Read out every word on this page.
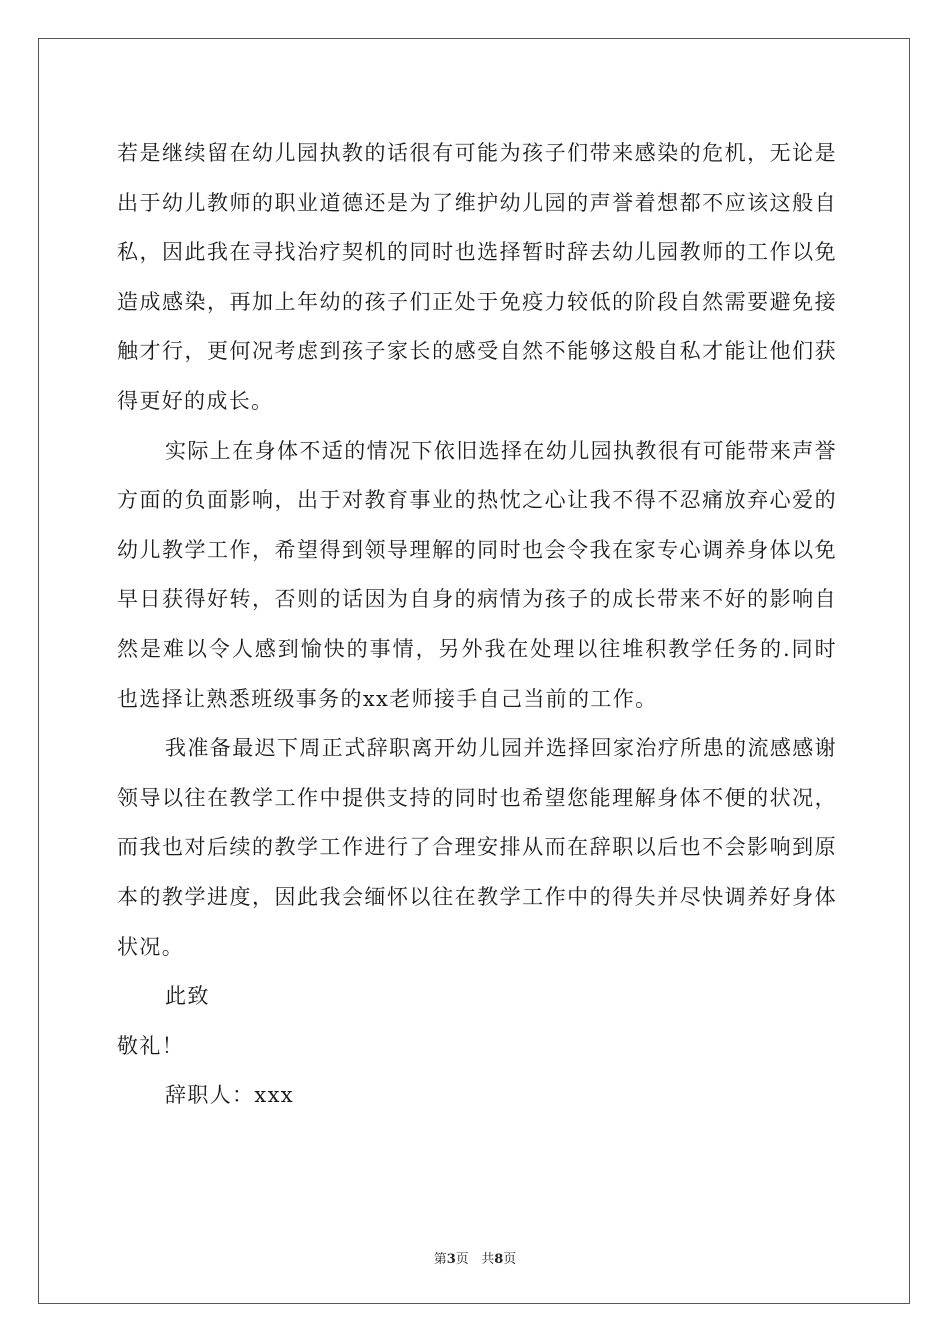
若是继续留在幼儿园执教的话很有可能为孩子们带来感染的危机，无论是出于幼儿教师的职业道德还是为了维护幼儿园的声誉着想都不应该这般自私，因此我在寻找治疗契机的同时也选择暂时辞去幼儿园教师的工作以免造成感染，再加上年幼的孩子们正处于免疫力较低的阶段自然需要避免接触才行，更何况考虑到孩子家长的感受自然不能够这般自私才能让他们获得更好的成长。

实际上在身体不适的情况下依旧选择在幼儿园执教很有可能带来声誉方面的负面影响，出于对教育事业的热忱之心让我不得不忍痛放弃心爱的幼儿教学工作，希望得到领导理解的同时也会令我在家专心调养身体以免早日获得好转，否则的话因为自身的病情为孩子的成长带来不好的影响自然是难以令人感到愉快的事情，另外我在处理以往堆积教学任务的.同时也选择让熟悉班级事务的xx老师接手自己当前的工作。

我准备最迟下周正式辞职离开幼儿园并选择回家治疗所患的流感感谢领导以往在教学工作中提供支持的同时也希望您能理解身体不便的状况，而我也对后续的教学工作进行了合理安排从而在辞职以后也不会影响到原本的教学进度，因此我会缅怀以往在教学工作中的得失并尽快调养好身体状况。

此致

敬礼！

辞职人：xxx

第3页 共8页
